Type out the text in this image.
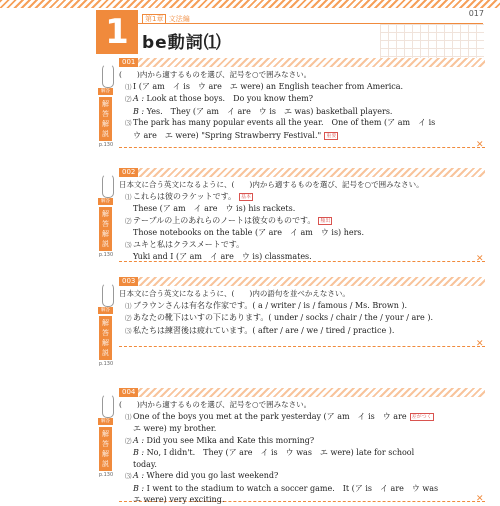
017
1	第1章 文法編
be動詞⑴
001
(　　)内から適するものを選び、記号を○で囲みなさい。
⑴ I (ア am　イ is　ウ are　エ were) an English teacher from America.
⑵ A : Look at those boys.　Do you know them?
B : Yes.　They (ア am　イ are　ウ is　エ was) basketball players.
⑶ The park has many popular events all the year.　One of them (ア am　イ is
ウ are　エ were) "Spring Strawberry Festival." 重要
解答
解答解説
p.130	✕
002
日本文に合う英文になるように、(　　)内から適するものを選び、記号を○で囲みなさい。
⑴ これらは彼のラケットです。 基本
These (ア am　イ are　ウ is) his rackets.
⑵ テーブルの上のあれらのノートは彼女のものです。 頻出
Those notebooks on the table (ア are　イ am　ウ is) hers.
⑶ ユキと私はクラスメートです。
Yuki and I (ア am　イ are　ウ is) classmates.
解答
解答解説
p.130	✕
003
日本文に合う英文になるように、(　　)内の語句を並べかえなさい。
⑴ ブラウンさんは有名な作家です。( a / writer / is / famous / Ms. Brown ).
⑵ あなたの靴下はいすの下にあります。( under / socks / chair / the / your / are ).
⑶ 私たちは練習後は疲れています。( after / are / we / tired / practice ).
解答
解答解説
p.130
✕
004
(　　)内から適するものを選び、記号を○で囲みなさい。
⑴ One of the boys you met at the park yesterday (ア am　イ is　ウ are 差がつく
エ were) my brother.
⑵ A : Did you see Mika and Kate this morning?
B : No, I didn't.　They (ア are　イ is　ウ was　エ were) late for school
today.
⑶ A : Where did you go last weekend?
B : I went to the stadium to watch a soccer game.　It (ア is　イ are　ウ was
エ were) very exciting.
解答
解答解説
p.130
✕
